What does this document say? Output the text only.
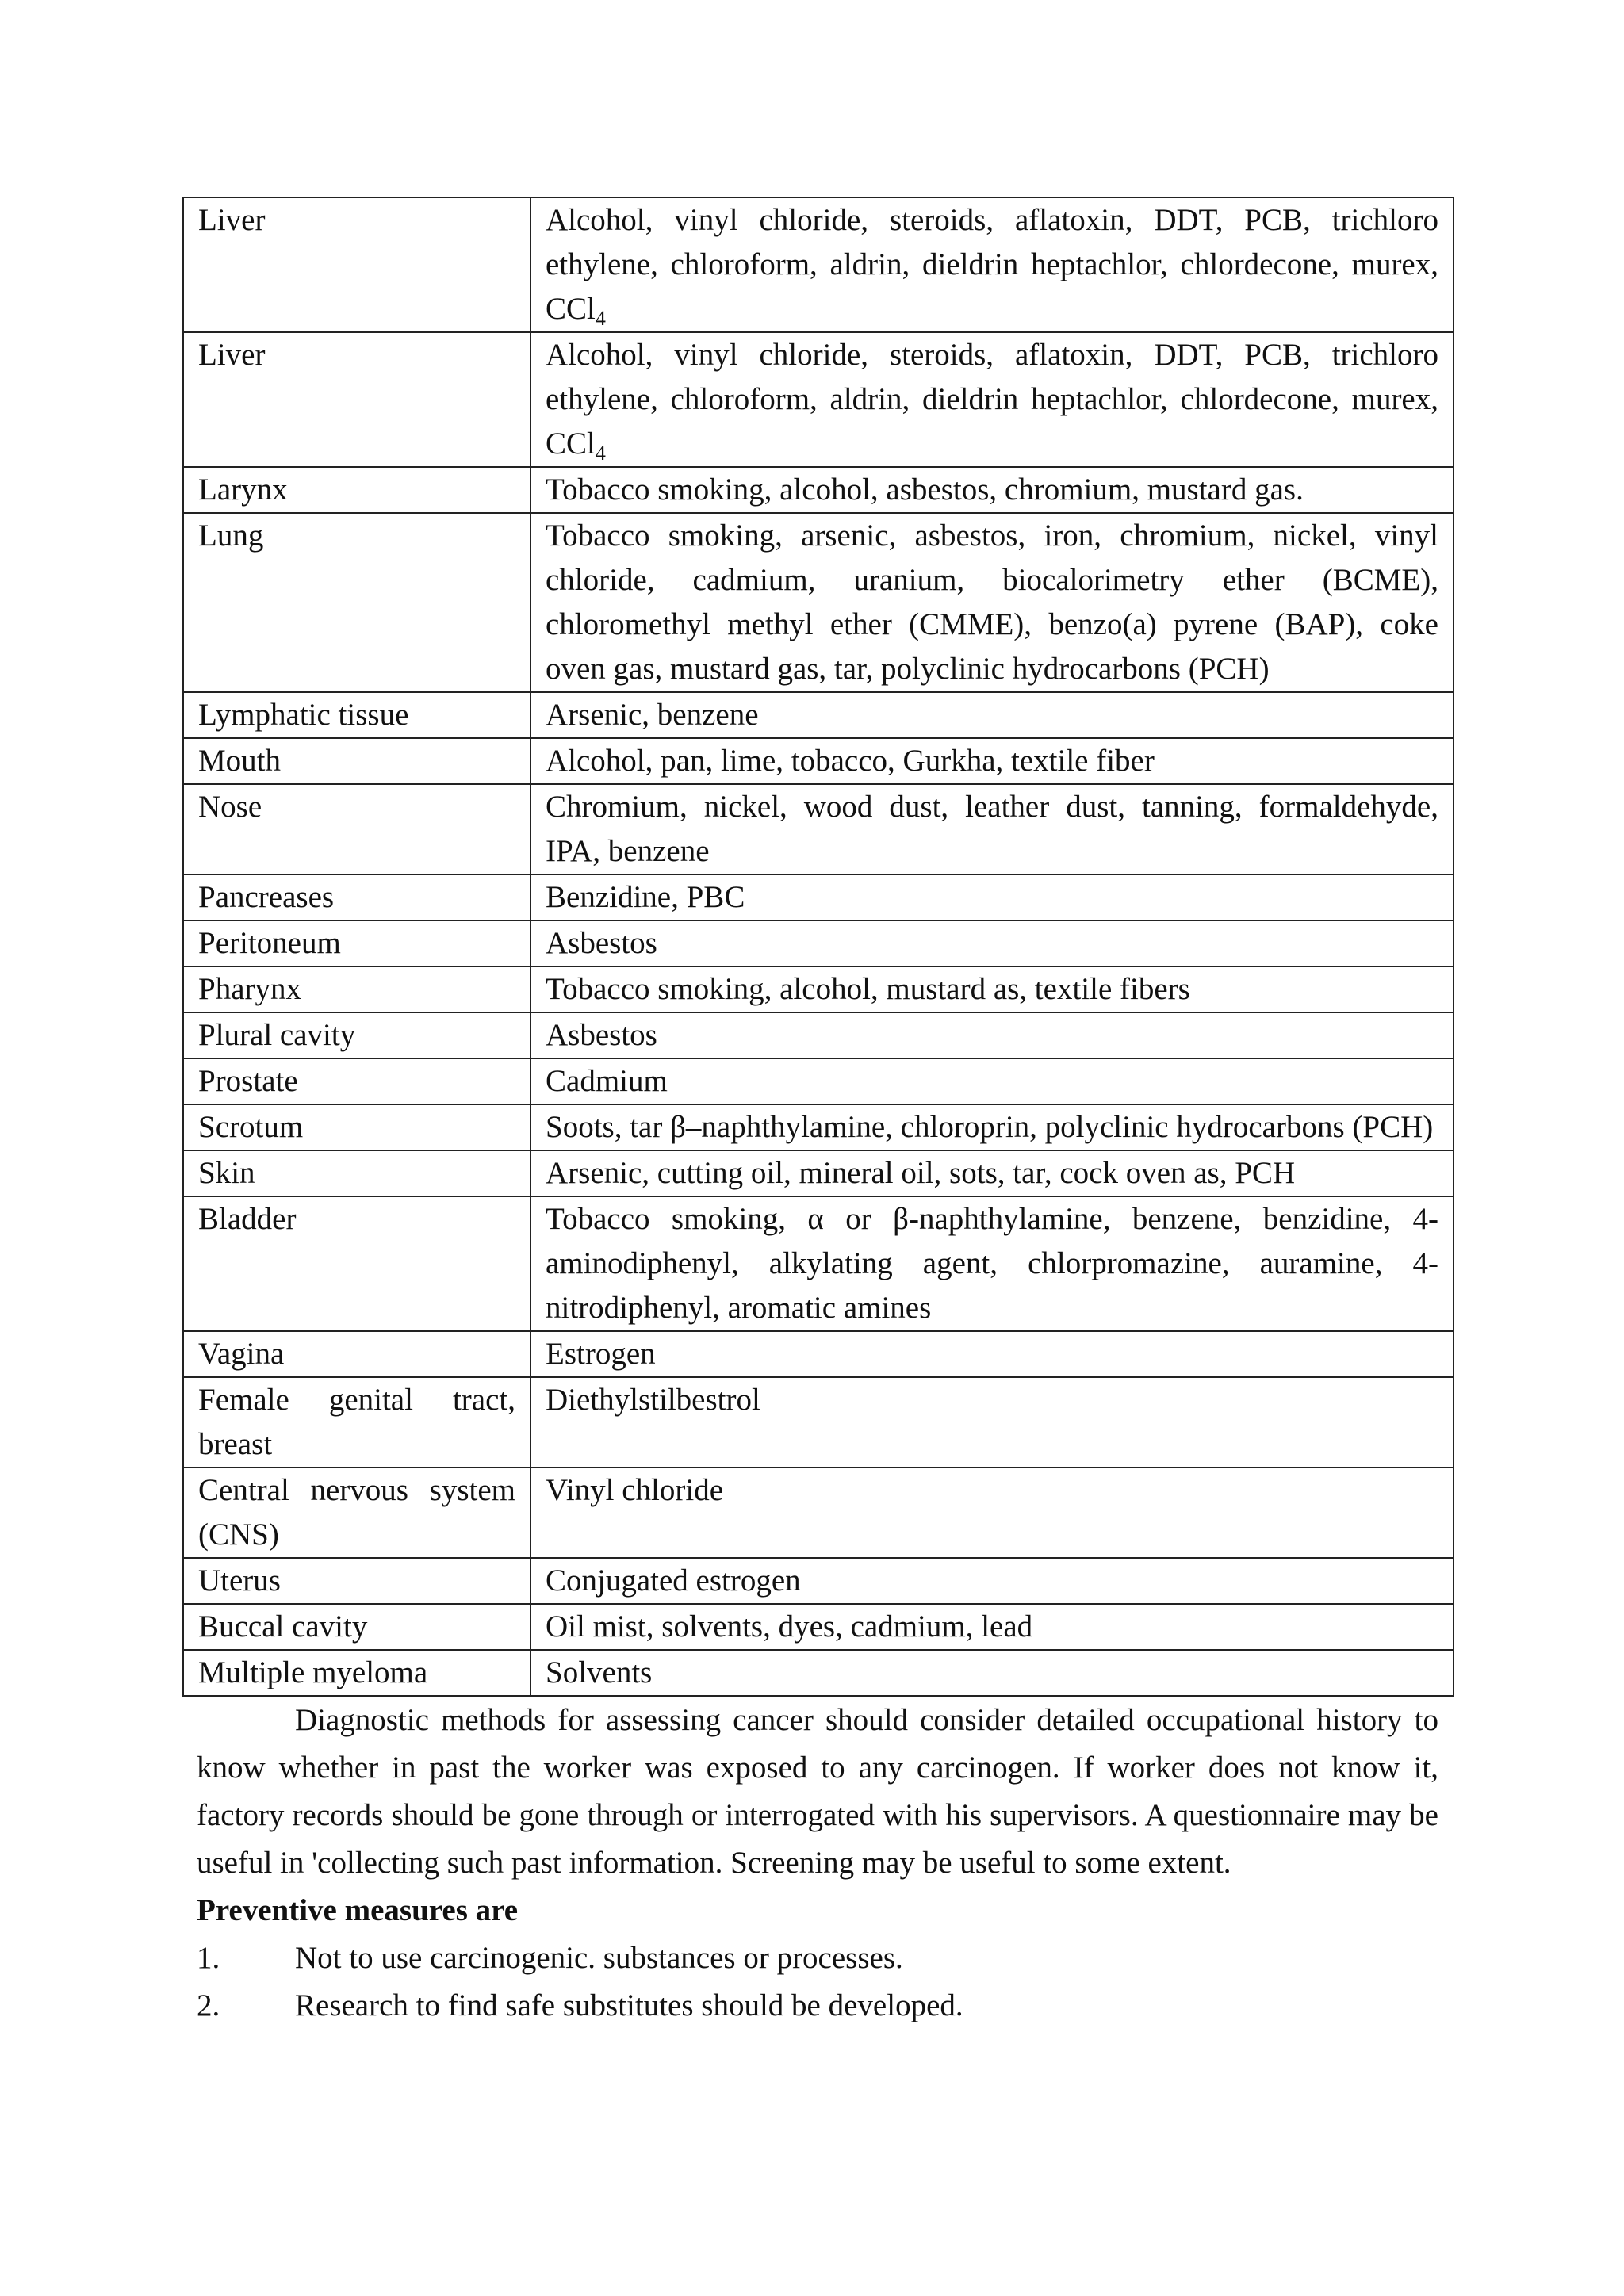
Liver	Alcohol, vinyl chloride, steroids, aflatoxin, DDT, PCB, trichloro ethylene, chloroform, aldrin, dieldrin heptachlor, chlordecone, murex, CCl$_4$
Liver	Alcohol, vinyl chloride, steroids, aflatoxin, DDT, PCB, trichloro ethylene, chloroform, aldrin, dieldrin heptachlor, chlordecone, murex, CCl$_4$
Larynx	Tobacco smoking, alcohol, asbestos, chromium, mustard gas.
Lung	Tobacco smoking, arsenic, asbestos, iron, chromium, nickel, vinyl chloride, cadmium, uranium, biocalorimetry ether (BCME), chloromethyl methyl ether (CMME), benzo(a) pyrene (BAP), coke oven gas, mustard gas, tar, polyclinic hydrocarbons (PCH)
Lymphatic tissue	Arsenic, benzene
Mouth	Alcohol, pan, lime, tobacco, Gurkha, textile fiber
Nose	Chromium, nickel, wood dust, leather dust, tanning, formaldehyde, IPA, benzene
Pancreases	Benzidine, PBC
Peritoneum	Asbestos
Pharynx	Tobacco smoking, alcohol, mustard as, textile fibers
Plural cavity	Asbestos
Prostate	Cadmium
Scrotum	Soots, tar β–naphthylamine, chloroprin, polyclinic hydrocarbons (PCH)
Skin	Arsenic, cutting oil, mineral oil, sots, tar, cock oven as, PCH
Bladder	Tobacco smoking, α or β-naphthylamine, benzene, benzidine, 4-aminodiphenyl, alkylating agent, chlorpromazine, auramine, 4-nitrodiphenyl, aromatic amines
Vagina	Estrogen
Female genital tract, breast	Diethylstilbestrol
Central nervous system (CNS)	Vinyl chloride
Uterus	Conjugated estrogen
Buccal cavity	Oil mist, solvents, dyes, cadmium, lead
Multiple myeloma	Solvents

Diagnostic methods for assessing cancer should consider detailed occupational history to know whether in past the worker was exposed to any carcinogen. If worker does not know it, factory records should be gone through or interrogated with his supervisors. A questionnaire may be useful in 'collecting such past information. Screening may be useful to some extent.

Preventive measures are

1.	Not to use carcinogenic. substances or processes.
2.	Research to find safe substitutes should be developed.
